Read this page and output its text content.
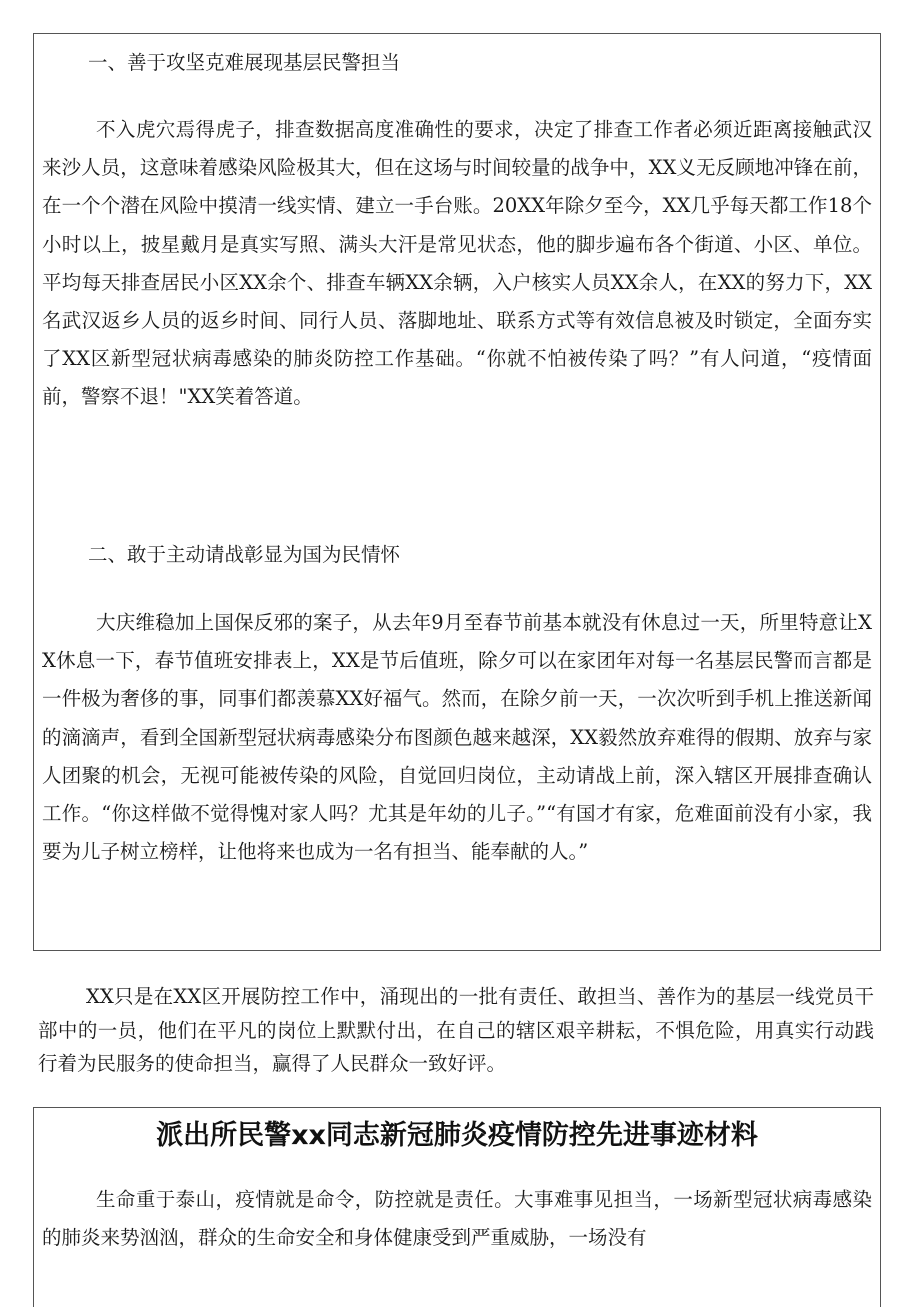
一、善于攻坚克难展现基层民警担当

不入虎穴焉得虎子，排查数据高度准确性的要求，决定了排查工作者必须近距离接触武汉来沙人员，这意味着感染风险极其大，但在这场与时间较量的战争中，XX义无反顾地冲锋在前，在一个个潜在风险中摸清一线实情、建立一手台账。20XX年除夕至今，XX几乎每天都工作18个小时以上，披星戴月是真实写照、满头大汗是常见状态，他的脚步遍布各个街道、小区、单位。平均每天排查居民小区XX余个、排查车辆XX余辆，入户核实人员XX余人，在XX的努力下，XX名武汉返乡人员的返乡时间、同行人员、落脚地址、联系方式等有效信息被及时锁定，全面夯实了XX区新型冠状病毒感染的肺炎防控工作基础。“你就不怕被传染了吗？”有人问道，“疫情面前，警察不退！"XX笑着答道。

二、敢于主动请战彰显为国为民情怀

大庆维稳加上国保反邪的案子，从去年9月至春节前基本就没有休息过一天，所里特意让XX休息一下，春节值班安排表上，XX是节后值班，除夕可以在家团年对每一名基层民警而言都是一件极为奢侈的事，同事们都羡慕XX好福气。然而，在除夕前一天，一次次听到手机上推送新闻的滴滴声，看到全国新型冠状病毒感染分布图颜色越来越深，XX毅然放弃难得的假期、放弃与家人团聚的机会，无视可能被传染的风险，自觉回归岗位，主动请战上前，深入辖区开展排查确认工作。“你这样做不觉得愧对家人吗？尤其是年幼的儿子。”“有国才有家，危难面前没有小家，我要为儿子树立榜样，让他将来也成为一名有担当、能奉献的人。”

XX只是在XX区开展防控工作中，涌现出的一批有责任、敢担当、善作为的基层一线党员干部中的一员，他们在平凡的岗位上默默付出，在自己的辖区艰辛耕耘，不惧危险，用真实行动践行着为民服务的使命担当，赢得了人民群众一致好评。

派出所民警xx同志新冠肺炎疫情防控先进事迹材料

生命重于泰山，疫情就是命令，防控就是责任。大事难事见担当，一场新型冠状病毒感染的肺炎来势汹汹，群众的生命安全和身体健康受到严重威胁，一场没有
